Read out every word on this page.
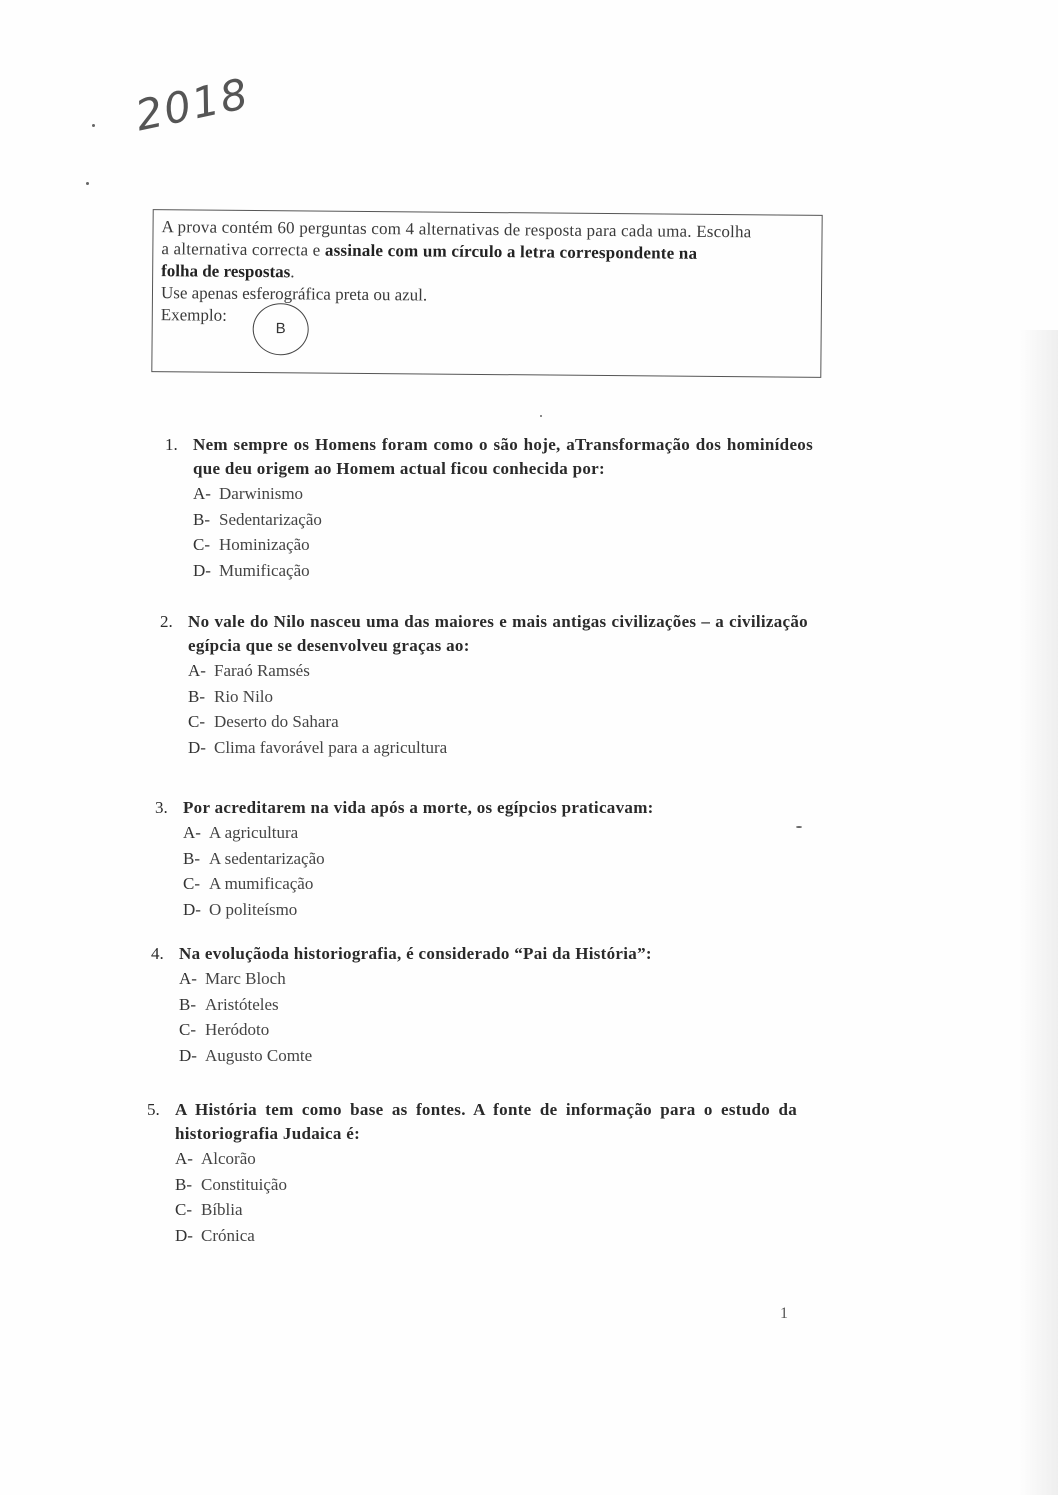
2018

A prova contém 60 perguntas com 4 alternativas de resposta para cada uma. Escolha

a alternativa correcta e assinale com um círculo a letra correspondente na

folha de respostas.

Use apenas esferográfica preta ou azul.

Exemplo:
B
1. Nem sempre os Homens foram como o são hoje, aTransformação dos hominídeos que deu origem ao Homem actual ficou conhecida por:
A- Darwinismo
B- Sedentarização
C- Hominização
D- Mumificação
2. No vale do Nilo nasceu uma das maiores e mais antigas civilizações – a civilização egípcia que se desenvolveu graças ao:
A- Faraó Ramsés
B- Rio Nilo
C- Deserto do Sahara
D- Clima favorável para a agricultura
3. Por acreditarem na vida após a morte, os egípcios praticavam:
A- A agricultura
B- A sedentarização
C- A mumificação
D- O politeísmo
4. Na evoluçãoda historiografia, é considerado “Pai da História”:
A- Marc Bloch
B- Aristóteles
C- Heródoto
D- Augusto Comte
5. A História tem como base as fontes. A fonte de informação para o estudo da historiografia Judaica é:
A- Alcorão
B- Constituição
C- Bíblia
D- Crónica
1
